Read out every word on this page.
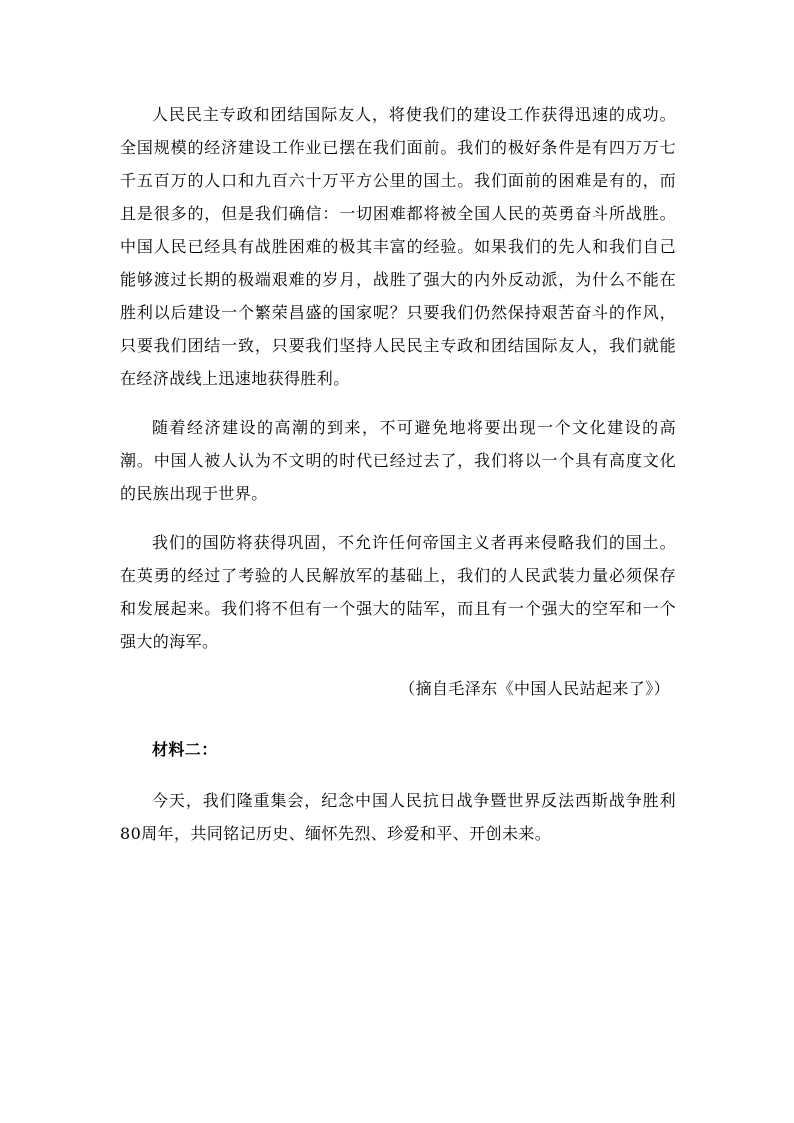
人民民主专政和团结国际友人，将使我们的建设工作获得迅速的成功。全国规模的经济建设工作业已摆在我们面前。我们的极好条件是有四万万七千五百万的人口和九百六十万平方公里的国土。我们面前的困难是有的，而且是很多的，但是我们确信：一切困难都将被全国人民的英勇奋斗所战胜。中国人民已经具有战胜困难的极其丰富的经验。如果我们的先人和我们自己能够渡过长期的极端艰难的岁月，战胜了强大的内外反动派，为什么不能在胜利以后建设一个繁荣昌盛的国家呢？只要我们仍然保持艰苦奋斗的作风，只要我们团结一致，只要我们坚持人民民主专政和团结国际友人，我们就能在经济战线上迅速地获得胜利。

随着经济建设的高潮的到来，不可避免地将要出现一个文化建设的高潮。中国人被人认为不文明的时代已经过去了，我们将以一个具有高度文化的民族出现于世界。

我们的国防将获得巩固，不允许任何帝国主义者再来侵略我们的国土。在英勇的经过了考验的人民解放军的基础上，我们的人民武装力量必须保存和发展起来。我们将不但有一个强大的陆军，而且有一个强大的空军和一个强大的海军。

（摘自毛泽东《中国人民站起来了》）

材料二：

今天，我们隆重集会，纪念中国人民抗日战争暨世界反法西斯战争胜利80周年，共同铭记历史、缅怀先烈、珍爱和平、开创未来。
